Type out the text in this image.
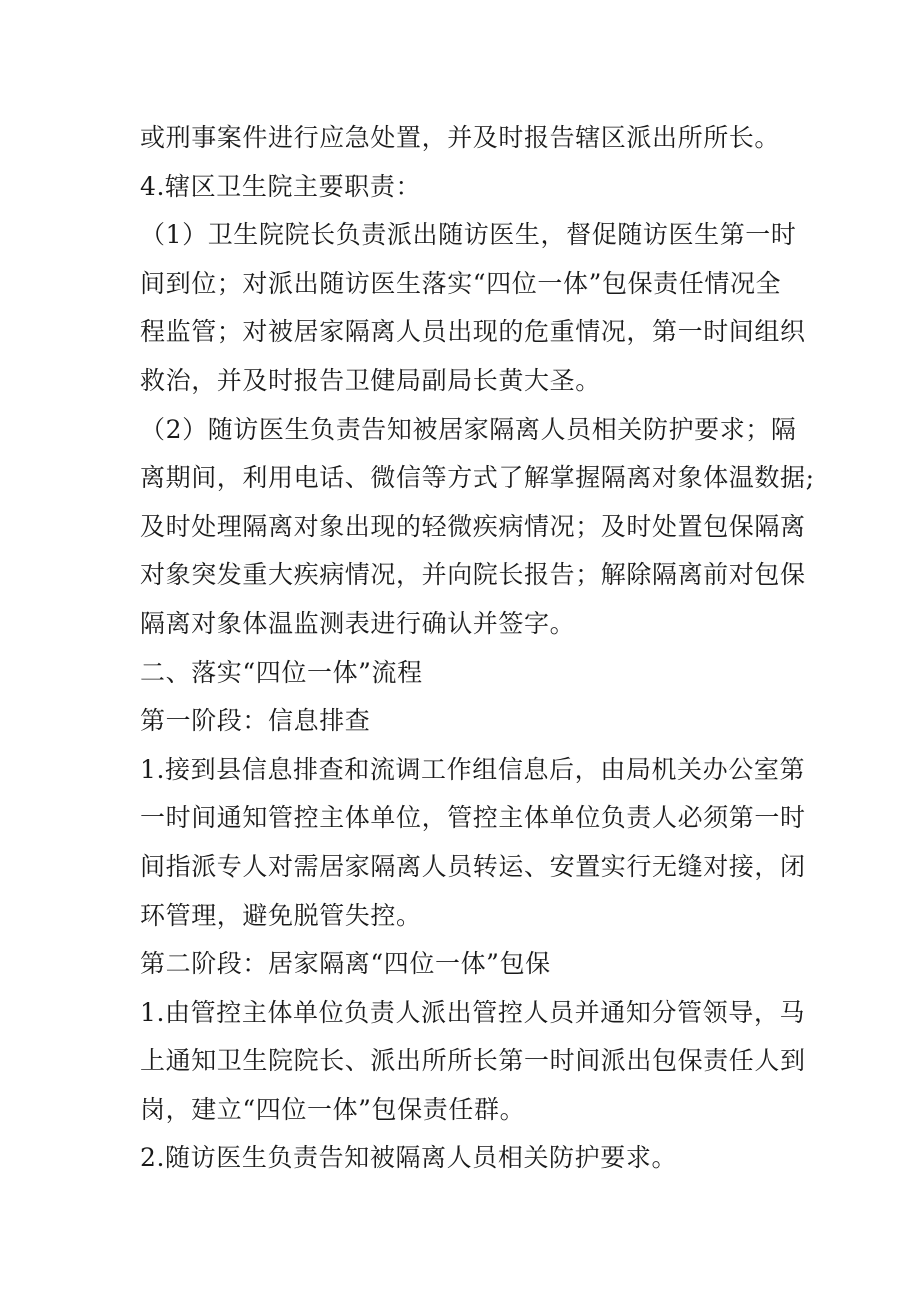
或刑事案件进行应急处置，并及时报告辖区派出所所长。
4.辖区卫生院主要职责：
（1）卫生院院长负责派出随访医生，督促随访医生第一时
间到位；对派出随访医生落实“四位一体”包保责任情况全
程监管；对被居家隔离人员出现的危重情况，第一时间组织
救治，并及时报告卫健局副局长黄大圣。
（2）随访医生负责告知被居家隔离人员相关防护要求；隔
离期间，利用电话、微信等方式了解掌握隔离对象体温数据;
及时处理隔离对象出现的轻微疾病情况；及时处置包保隔离
对象突发重大疾病情况，并向院长报告；解除隔离前对包保
隔离对象体温监测表进行确认并签字。
二、落实“四位一体”流程
第一阶段：信息排查
1.接到县信息排查和流调工作组信息后，由局机关办公室第
一时间通知管控主体单位，管控主体单位负责人必须第一时
间指派专人对需居家隔离人员转运、安置实行无缝对接，闭
环管理，避免脱管失控。
第二阶段：居家隔离“四位一体”包保
1.由管控主体单位负责人派出管控人员并通知分管领导，马
上通知卫生院院长、派出所所长第一时间派出包保责任人到
岗，建立“四位一体”包保责任群。
2.随访医生负责告知被隔离人员相关防护要求。
